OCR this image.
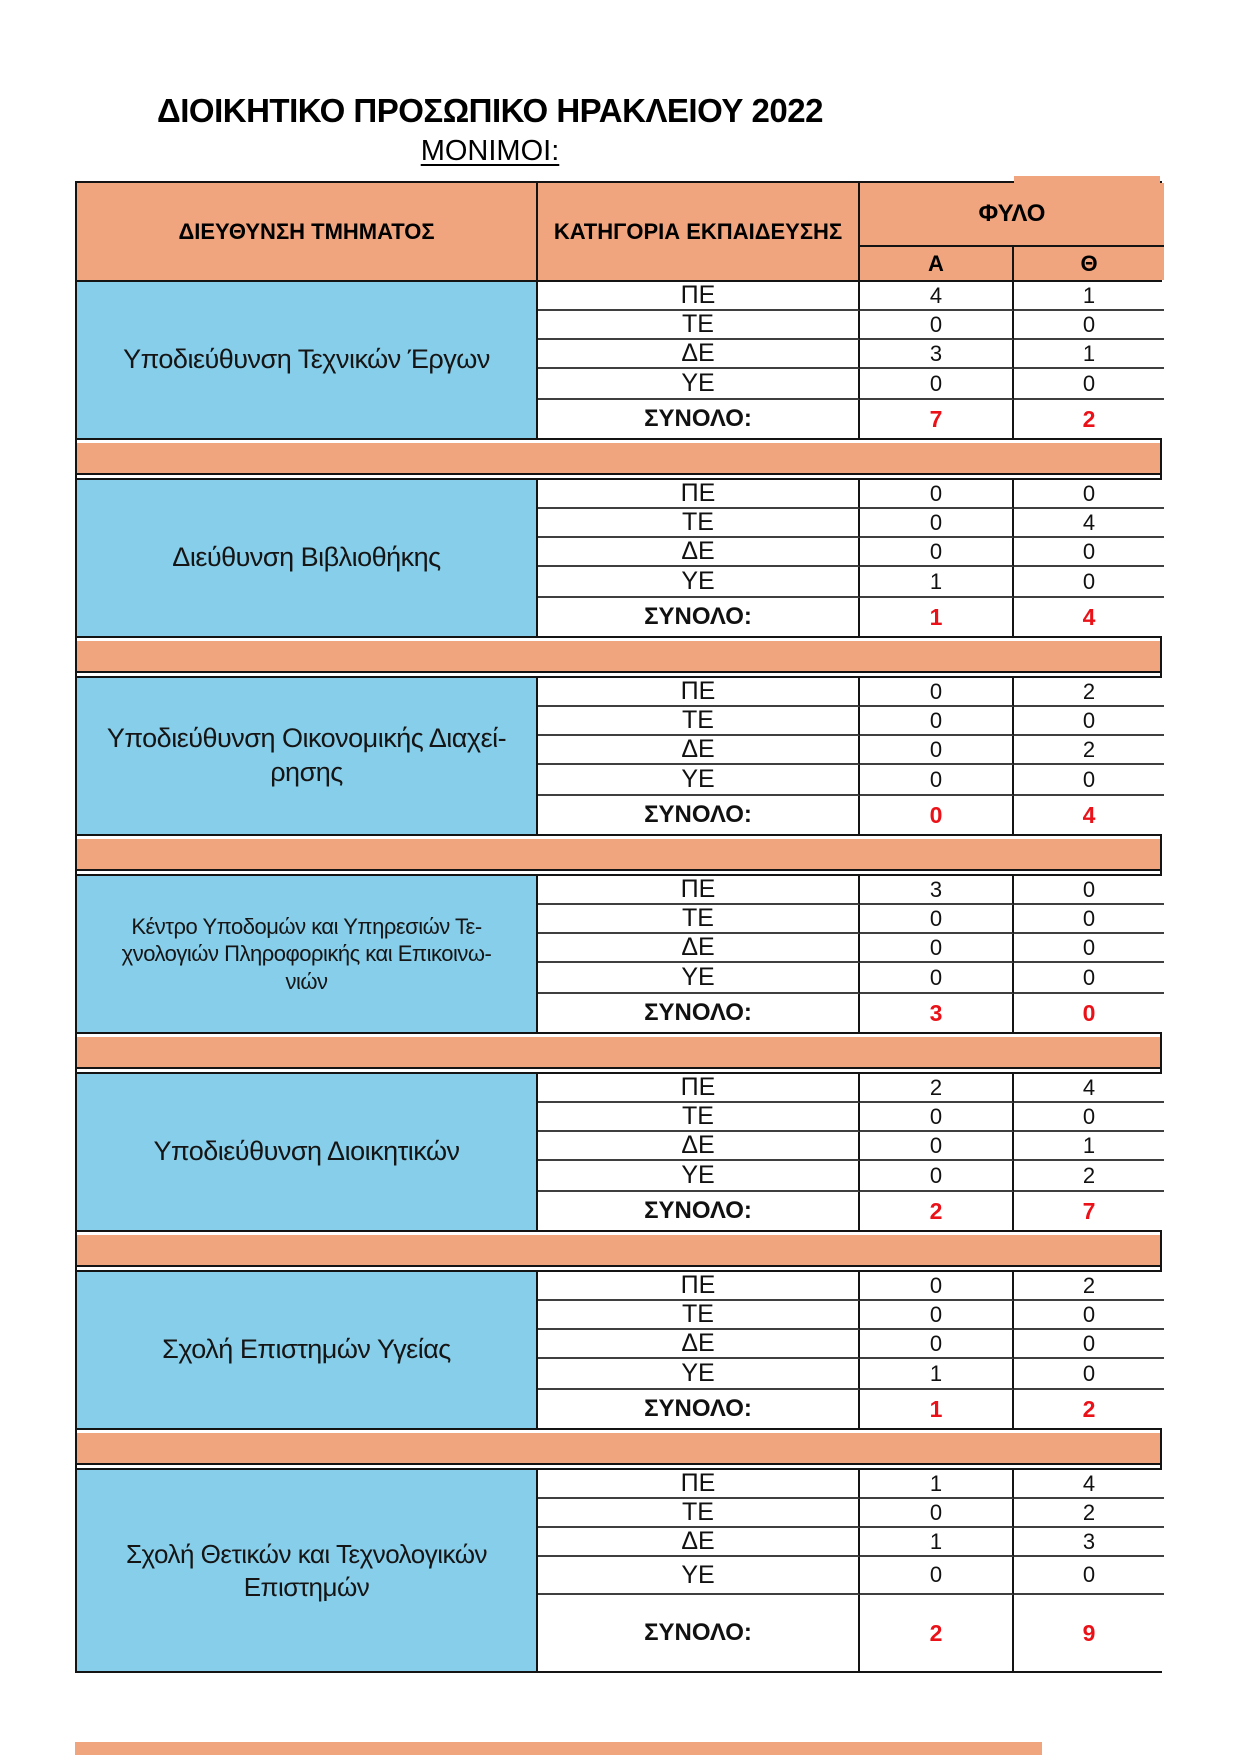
ΔΙΟΙΚΗΤΙΚΟ ΠΡΟΣΩΠΙΚΟ ΗΡΑΚΛΕΙΟΥ 2022
ΜΟΝΙΜΟΙ:
ΔΙΕΥΘΥΝΣΗ ΤΜΗΜΑΤΟΣ	ΚΑΤΗΓΟΡΙΑ ΕΚΠΑΙΔΕΥΣΗΣ
ΦΥΛΟ
Α	Θ
Υποδιεύθυνση Τεχνικών Έργων
ΠΕ	4	1
ΤΕ	0	0
ΔΕ	3	1
ΥΕ	0	0
ΣΥΝΟΛΟ:	7	2
Διεύθυνση Βιβλιοθήκης
ΠΕ	0	0
ΤΕ	0	4
ΔΕ	0	0
ΥΕ	1	0
ΣΥΝΟΛΟ:	1	4
Υποδιεύθυνση Οικονομικής Διαχεί-
ρησης
ΠΕ	0	2
ΤΕ	0	0
ΔΕ	0	2
ΥΕ	0	0
ΣΥΝΟΛΟ:	0	4
Κέντρο Υποδομών και Υπηρεσιών Τε-
χνολογιών Πληροφορικής και Επικοινω-
νιών
ΠΕ	3	0
ΤΕ	0	0
ΔΕ	0	0
ΥΕ	0	0
ΣΥΝΟΛΟ:	3	0
Υποδιεύθυνση Διοικητικών
ΠΕ	2	4
ΤΕ	0	0
ΔΕ	0	1
ΥΕ	0	2
ΣΥΝΟΛΟ:	2	7
Σχολή Επιστημών Υγείας
ΠΕ	0	2
ΤΕ	0	0
ΔΕ	0	0
ΥΕ	1	0
ΣΥΝΟΛΟ:	1	2
Σχολή Θετικών και Τεχνολογικών
Επιστημών
ΠΕ	1	4
ΤΕ	0	2
ΔΕ	1	3
ΥΕ	0	0
ΣΥΝΟΛΟ:	2	9
